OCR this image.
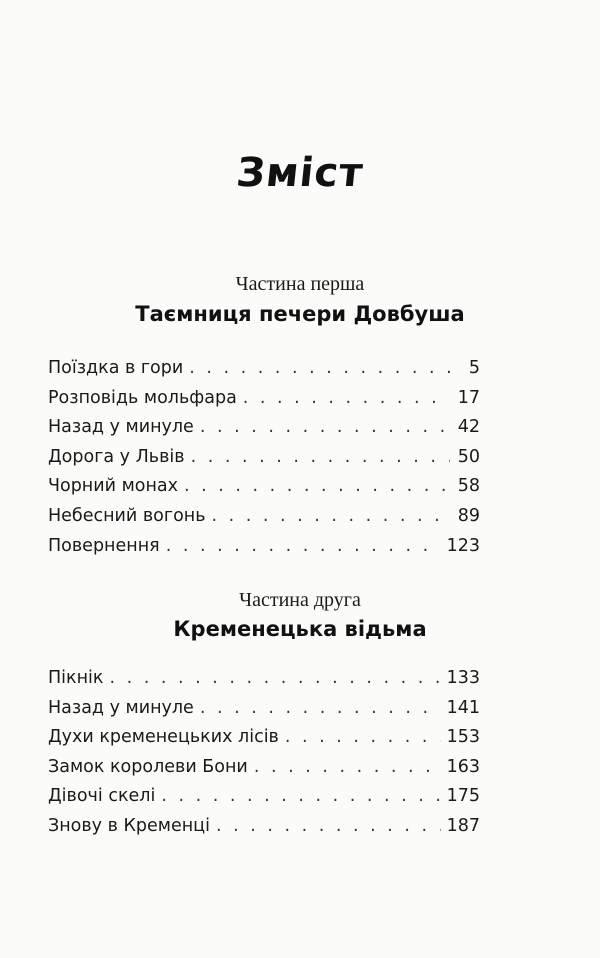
Зміст
Частина перша
Таємниця печери Довбуша
Поїздка в гори . . .	5
Розповідь мольфара . . .	17
Назад у минуле . . .	42
Дорога у Львів . . .	50
Чорний монах . . .	58
Небесний вогонь . . .	89
Повернення . . .	123
Частина друга
Кременецька відьма
Пікнік . . .	133
Назад у минуле . . .	141
Духи кременецьких лісів . . .	153
Замок королеви Бони . . .	163
Дівочі скелі . . .	175
Знову в Кременці . . .	187
